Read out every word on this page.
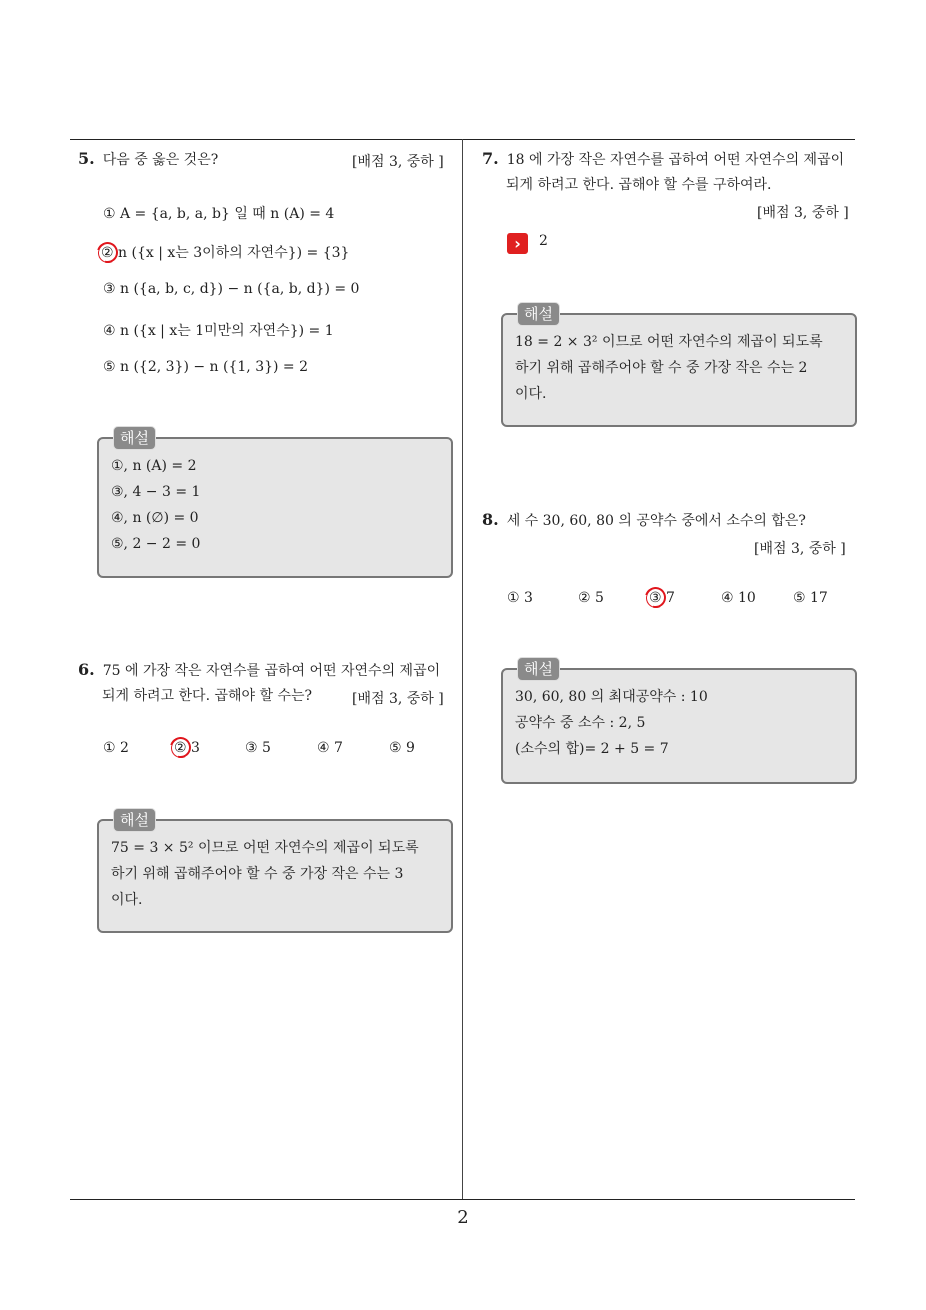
5. 다음 중 옳은 것은?	[배점 3, 중하 ]
① A = {a, b, a, b} 일 때 n (A) = 4
② n ({x | x는 3이하의 자연수}) = {3}
③ n ({a, b, c, d}) − n ({a, b, d}) = 0
④ n ({x | x는 1미만의 자연수}) = 1
⑤ n ({2, 3}) − n ({1, 3}) = 2
해설
①, n (A) = 2
③, 4 − 3 = 1
④, n (∅) = 0
⑤, 2 − 2 = 0
6. 75 에 가장 작은 자연수를 곱하여 어떤 자연수의 제곱이
되게 하려고 한다. 곱해야 할 수는?	[배점 3, 중하 ]
① 2	② 3	③ 5	④ 7	⑤ 9
해설
75 = 3 × 5² 이므로 어떤 자연수의 제곱이 되도록
하기 위해 곱해주어야 할 수 중 가장 작은 수는 3
이다.
7. 18 에 가장 작은 자연수를 곱하여 어떤 자연수의 제곱이
되게 하려고 한다. 곱해야 할 수를 구하여라.
[배점 3, 중하 ]
›	2
해설
18 = 2 × 3² 이므로 어떤 자연수의 제곱이 되도록
하기 위해 곱해주어야 할 수 중 가장 작은 수는 2
이다.
8. 세 수 30, 60, 80 의 공약수 중에서 소수의 합은?
[배점 3, 중하 ]
① 3	② 5	③ 7	④ 10	⑤ 17
해설
30, 60, 80 의 최대공약수 : 10
공약수 중 소수 : 2, 5
(소수의 합)= 2 + 5 = 7
2
